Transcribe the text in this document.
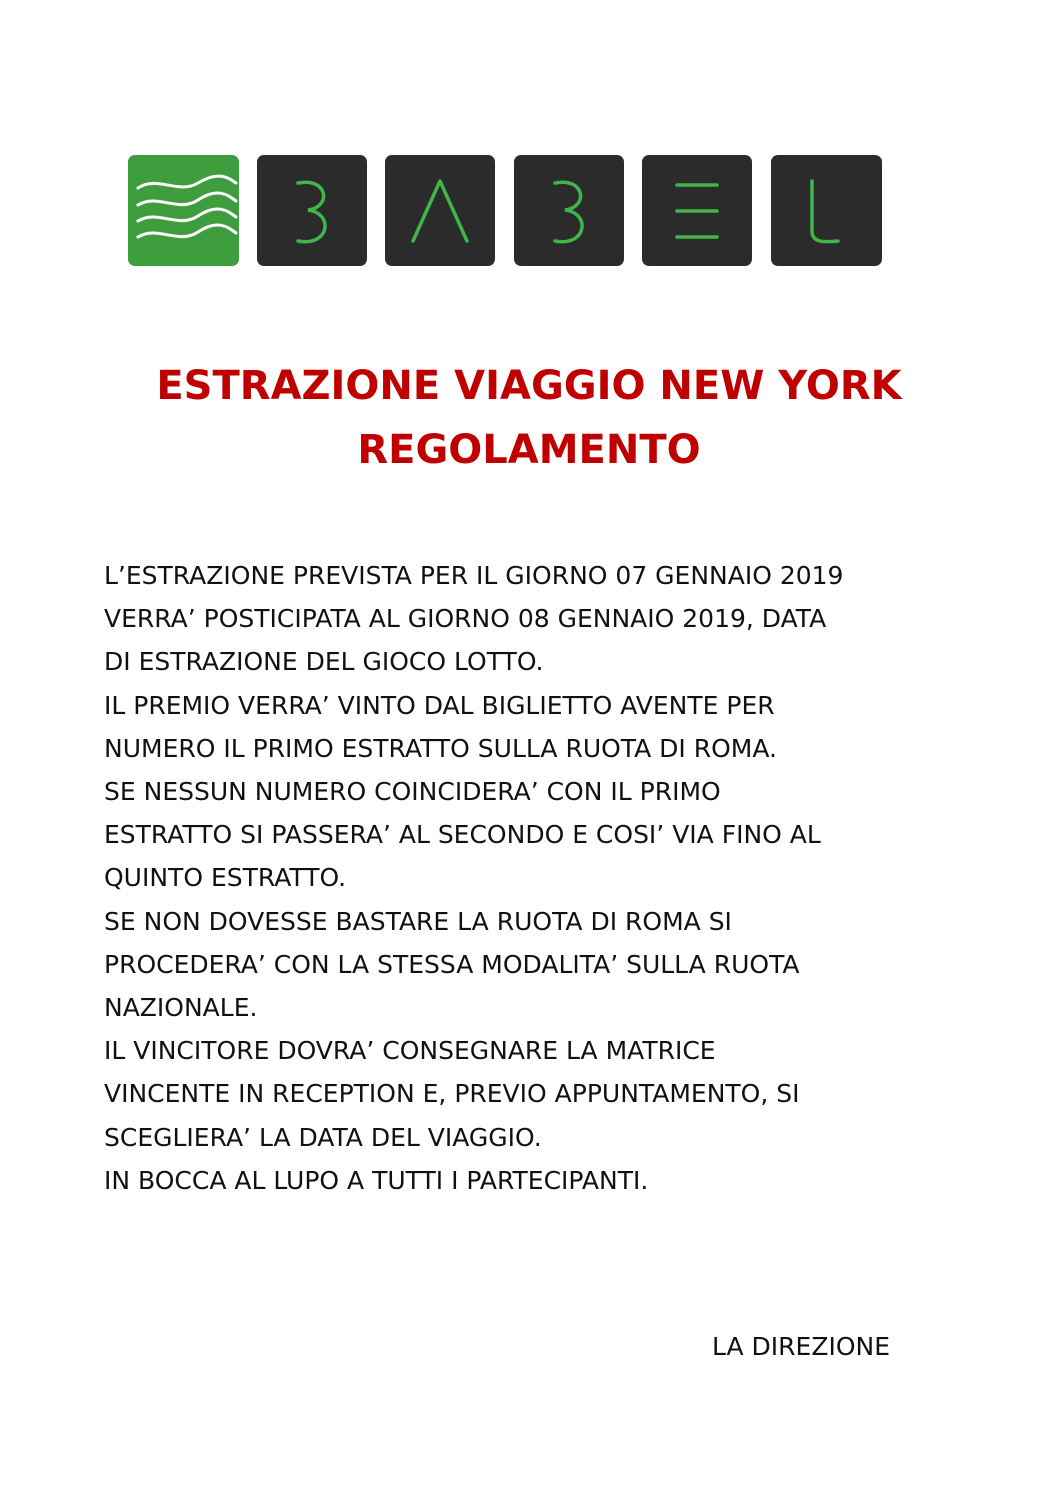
ESTRAZIONE VIAGGIO NEW YORK
REGOLAMENTO
L’ESTRAZIONE PREVISTA PER IL GIORNO 07 GENNAIO 2019
VERRA’ POSTICIPATA AL GIORNO 08 GENNAIO 2019, DATA
DI ESTRAZIONE DEL GIOCO LOTTO.
IL PREMIO VERRA’ VINTO DAL BIGLIETTO AVENTE PER
NUMERO IL PRIMO ESTRATTO SULLA RUOTA DI ROMA.
SE NESSUN NUMERO COINCIDERA’ CON IL PRIMO
ESTRATTO SI PASSERA’ AL SECONDO E COSI’ VIA FINO AL
QUINTO ESTRATTO.
SE NON DOVESSE BASTARE LA RUOTA DI ROMA SI
PROCEDERA’ CON LA STESSA MODALITA’ SULLA RUOTA
NAZIONALE.
IL VINCITORE DOVRA’ CONSEGNARE LA MATRICE
VINCENTE IN RECEPTION E, PREVIO APPUNTAMENTO, SI
SCEGLIERA’ LA DATA DEL VIAGGIO.
IN BOCCA AL LUPO A TUTTI I PARTECIPANTI.
LA DIREZIONE
